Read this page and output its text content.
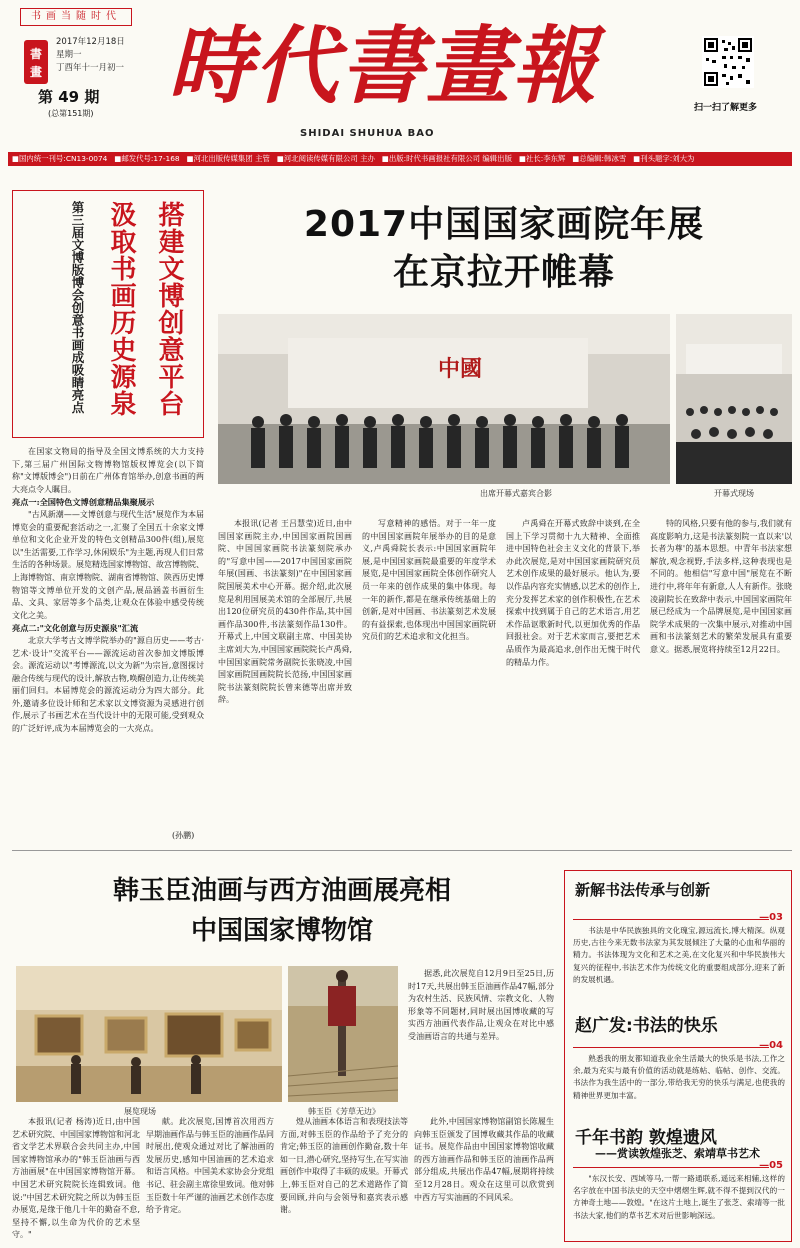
书画当随时代
書
畫
2017年12月18日
星期一
丁酉年十一月初一
第 49 期
(总第151期) 時代書畫報
SHIDAI SHUHUA BAO
扫一扫了解更多
■国内统一刊号:CN13-0074 ■邮发代号:17-168 ■河北出版传媒集团 主管 ■河北阅读传媒有限公司 主办 ■出版:时代书画报社有限公司 编辑出版 ■社长:李东辉 ■总编辑:韩冰雪 ■刊头题字:刘大为
搭建文博创意平台
汲取书画历史源泉
第三届文博版博会创意书画成吸睛亮点

在国家文物局的指导及全国文博系统的大力支持下,第三届广州国际文物博物馆版权博览会(以下简称"文博版博会")日前在广州体育馆举办,创意书画的两大亮点令人瞩目。

亮点一:全国特色文博创意精品集聚展示

"古风新潮——文博创意与现代生活"展览作为本届博览会的重要配套活动之一,汇聚了全国五十余家文博单位和文化企业开发的特色文创精品300件(组),展览以"生活需要,工作学习,休闲娱乐"为主题,再现人们日常生活的各种场景。展览精选国家博物馆、故宫博物院、上海博物馆、南京博物院、湖南省博物馆、陕西历史博物馆等文博单位开发的文创产品,展品涵盖书画衍生品、文具、家居等多个品类,让观众在体验中感受传统文化之美。

亮点二:"文化创意与历史源泉"汇流

北京大学考古文博学院举办的"源自历史——考古·艺术·设计"交流平台——源流运动首次参加文博版博会。源流运动以"考博源流,以文为新"为宗旨,意图探讨融合传统与现代的设计,解放古物,唤醒创造力,让传统美丽们回归。本届博览会的源流运动分为四大部分。此外,邀请多位设计师和艺术家以文博资源为灵感进行创作,展示了书画艺术在当代设计中的无限可能,受到观众的广泛好评,成为本届博览会的一大亮点。

(孙鹏)
2017中国国家画院年展
在京拉开帷幕
中國
出席开幕式嘉宾合影	开幕式现场
本报讯(记者 王吕慧莹)近日,由中国国家画院主办,中国国家画院国画院、中国国家画院书法篆刻院承办的"写意中国——2017中国国家画院年展(国画、书法篆刻)"在中国国家画院国展美术中心开幕。据介绍,此次展览是利用国展美术馆的全部展厅,共展出120位研究员的430件作品,其中国画作品300件,书法篆刻作品130件。开幕式上,中国文联副主席、中国美协主席刘大为,中国国家画院院长卢禹舜,中国国家画院常务副院长张晓凌,中国国家画院国画院院长范扬,中国国家画院书法篆刻院院长曾来德等出席并致辞。
写意精神的感悟。对于一年一度的中国国家画院年展举办的目的是意义,卢禹舜院长表示:中国国家画院年展,是中国国家画院最重要的年度学术展览,是中国国家画院全体创作研究人员一年来的创作成果的集中体现。每一年的新作,都是在继承传统基础上的创新,是对中国画、书法篆刻艺术发展的有益探索,也体现出中国国家画院研究员们的艺术追求和文化担当。
卢禹舜在开幕式致辞中谈到,在全国上下学习贯彻十九大精神、全面推进中国特色社会主义文化的背景下,举办此次展览,是对中国国家画院研究员艺术创作成果的最好展示。他认为,要以作品内容充实情感,以艺术的创作上,充分发挥艺术家的创作积极性,在艺术探索中找到属于自己的艺术语言,用艺术作品讴歌新时代,以更加优秀的作品回报社会。对于艺术家而言,要把艺术品质作为最高追求,创作出无愧于时代的精品力作。
特的风格,只要有他的参与,我们就有高度影响力,这是书法篆刻院一直以来'以长者为尊'的基本思想。中青年书法家想解放,观念视野,手法多样,这种表现也是不同的。他相信"写意中国"展览在不断进行中,将年年有新意,人人有新作。张晓凌副院长在致辞中表示,中国国家画院年展已经成为一个品牌展览,是中国国家画院学术成果的一次集中展示,对推动中国画和书法篆刻艺术的繁荣发展具有重要意义。据悉,展览将持续至12月22日。
韩玉臣油画与西方油画展亮相
中国国家博物馆
展览现场	韩玉臣《芳草无边》
据悉,此次展览自12月9日至25日,历时17天,共展出韩玉臣油画作品47幅,部分为农村生活、民族风情、宗教文化、人物形象等不同题材,同时展出国博收藏的写实西方油画代表作品,让观众在对比中感受油画语言的共通与差异。
本报讯(记者 杨涛)近日,由中国艺术研究院、中国国家博物馆和河北省文学艺术界联合会共同主办,中国国家博物馆承办的"韩玉臣油画与西方油画展"在中国国家博物馆开幕。中国艺术研究院院长连辑致词。他说:"中国艺术研究院之所以为韩玉臣办展览,是缘于他几十年的勤奋不怠,坚持不懈,以生命为代价的艺术坚守。"
献。此次展览,国博首次用西方早期油画作品与韩玉臣的油画作品同时展出,使观众通过对比了解油画的发展历史,感知中国油画的艺术追求和语言风格。中国美术家协会分党组书记、驻会副主席徐里致词。他对韩玉臣数十年严谨的油画艺术创作态度给予肯定。
煌从油画本体语言和表现技法等方面,对韩玉臣的作品给予了充分的肯定;韩玉臣的油画创作勤奋,数十年如一日,潜心研究,坚持写生,在写实油画创作中取得了丰硕的成果。开幕式上,韩玉臣对自己的艺术道路作了简要回顾,并向与会领导和嘉宾表示感谢。
此外,中国国家博物馆副馆长陈履生向韩玉臣颁发了国博收藏其作品的收藏证书。展览作品由中国国家博物馆收藏的西方油画作品和韩玉臣的油画作品两部分组成,共展出作品47幅,展期将持续至12月28日。观众在这里可以欣赏到中西方写实油画的不同风采。
新解书法传承与创新
—03
书法是中华民族独具的文化瑰宝,源远流长,博大精深。纵观历史,古往今来无数书法家为其发展倾注了大量的心血和华丽的精力。书法体现为文化和艺术之美,在文化复兴和中华民族伟大复兴的征程中,书法艺术作为传统文化的重要组成部分,迎来了新的发展机遇。
赵广发:书法的快乐
—04
熟悉我的朋友都知道我业余生活最大的快乐是书法,工作之余,最为充实与最有价值的活动就是练帖、临帖、创作、交流。书法作为我生活中的一部分,带给我无穷的快乐与满足,也使我的精神世界更加丰富。
千年书韵 敦煌遗风
——赏读敦煌张芝、索靖草书艺术
—05
"东汉长安、西域等马,一帮一路通联系,遥远来相辅,这样的名字放在中国书法史的天空中熠熠生辉,就不得不提到汉代的一方神奇土地——敦煌。"在这片土地上,诞生了张芝、索靖等一批书法大家,他们的草书艺术对后世影响深远。
